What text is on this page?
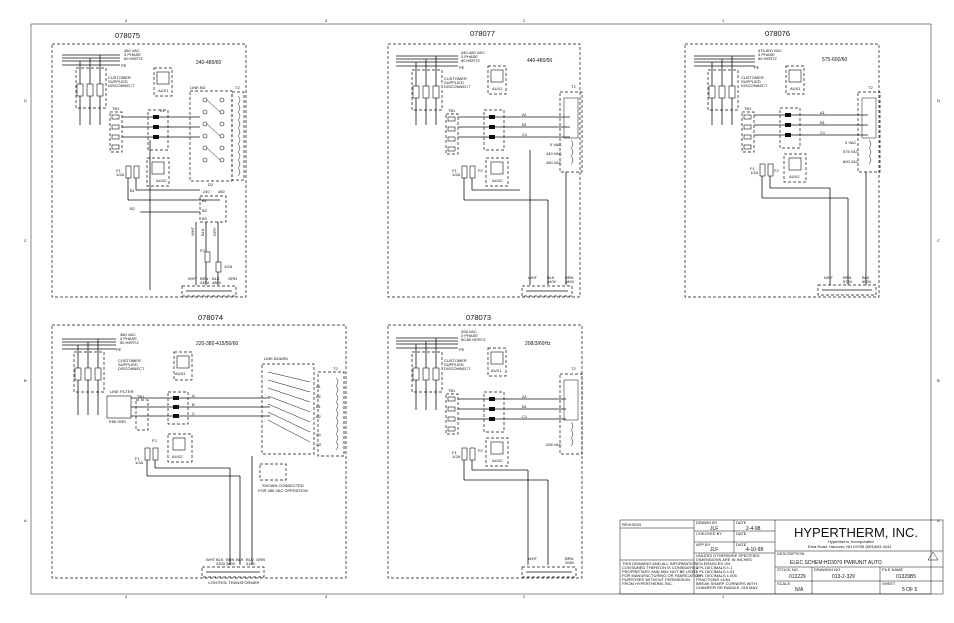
4	3	2	1
4	3	2	1
D
C
B
A
D
C
B
A
078075
480 VAC
3 PHASE
60 HERTZ
240-480/60
PE
CUSTOMER
SUPPLIED
DISCONNECT
TB1
AUX1
K1
LINK BD	T2
D2
240 480
B1
B2
B3
B1
B2
AUX2
F1
1/2A
WHT BLK GRY
F2
1/2A
WHT BRN BLK GRN
240V 480V
078077
440-480 VAC
3 PHASE
50 HERTZ	440-480/50
PE
CUSTOMER
SUPPLIED
DISCONNECT
TB1
AUX1
A1
B1
C1
T2
0 VAC
440 VAC
480 VAC
AUX2
F1
1/2A
F2
WHT BLK	BRN
440V 480V
078076
575-600 VAC
3 PHASE
60 HERTZ	575-600/60
PE
CUSTOMER
SUPPLIED
DISCONNECT
TB1
AUX1
A1
B1
C1
T2
0 VAC
575 VAC
600 VAC
AUX2
F1
1/2A	F2
WHT BRN	BLK
575V 600V
078074
380 VAC
3 PHASE
50 HERTZ	220-380-415/50/60
PE
CUSTOMER
SUPPLIED
DISCONNECT
LINE FILTER
EMI GRD
TB1
AUX1
A
B
C
LINK BOARD
T2
A1
A2
B1
B2
C1
C2
AUX2
F1
1/2A
F2
SHOWN CONNECTED
FOR 380 VAC OPERATION
WHT BLK BRN BLK BLU GRN
220V 380V	415V
CONTROL TRANSFORMER
078073
208 VAC
3 PHASE
50-60 HERTZ
208/3/60Hz
PE
CUSTOMER
SUPPLIED
DISCONNECT
TB1
AUX1
A1
B1
C1
T2
208 VAC
AUX2
F1
1/2A
F2
WHT	BRN
208V
REVISION
THIS DRAWING AND ALL INFORMATION
CONTAINED THEREON IS CONSIDERED
PROPRIETARY AND MAY NOT BE USED
FOR MANUFACTURING OR FABRICATION
PURPOSES WITHOUT PERMISSION
FROM HYPERTHERM, INC.
DRAWN BY
JLF
DATE
2-4-98
CHECKED BY	DATE
APP BY
JLF
DATE
4-10-98
UNLESS OTHERWISE SPECIFIED
DIMENSIONS ARE IN INCHES
TOLERANCES ON
1 PL DECIMALS ±.1
2 PL DECIMALS ±.01
3 PL DECIMALS ±.005
FRACTIONS ±1/64
BREAK SHARP CORNERS WITH
CHAMFER OR RADIUS .015 MAX
HYPERTHERM, INC.
Hypertherm, Incorporated
Etna Road, Hanover, NH 03755 (603)643-3441
DESCRIPTION
ELEC SCHEM:HD3070 PWRUNIT AUTO
STOCK NO.
013229
DRAWING NO.
013-2-329
FILE NAME
01329B5
SCALE
N/A
SHEET
5 OF 5
